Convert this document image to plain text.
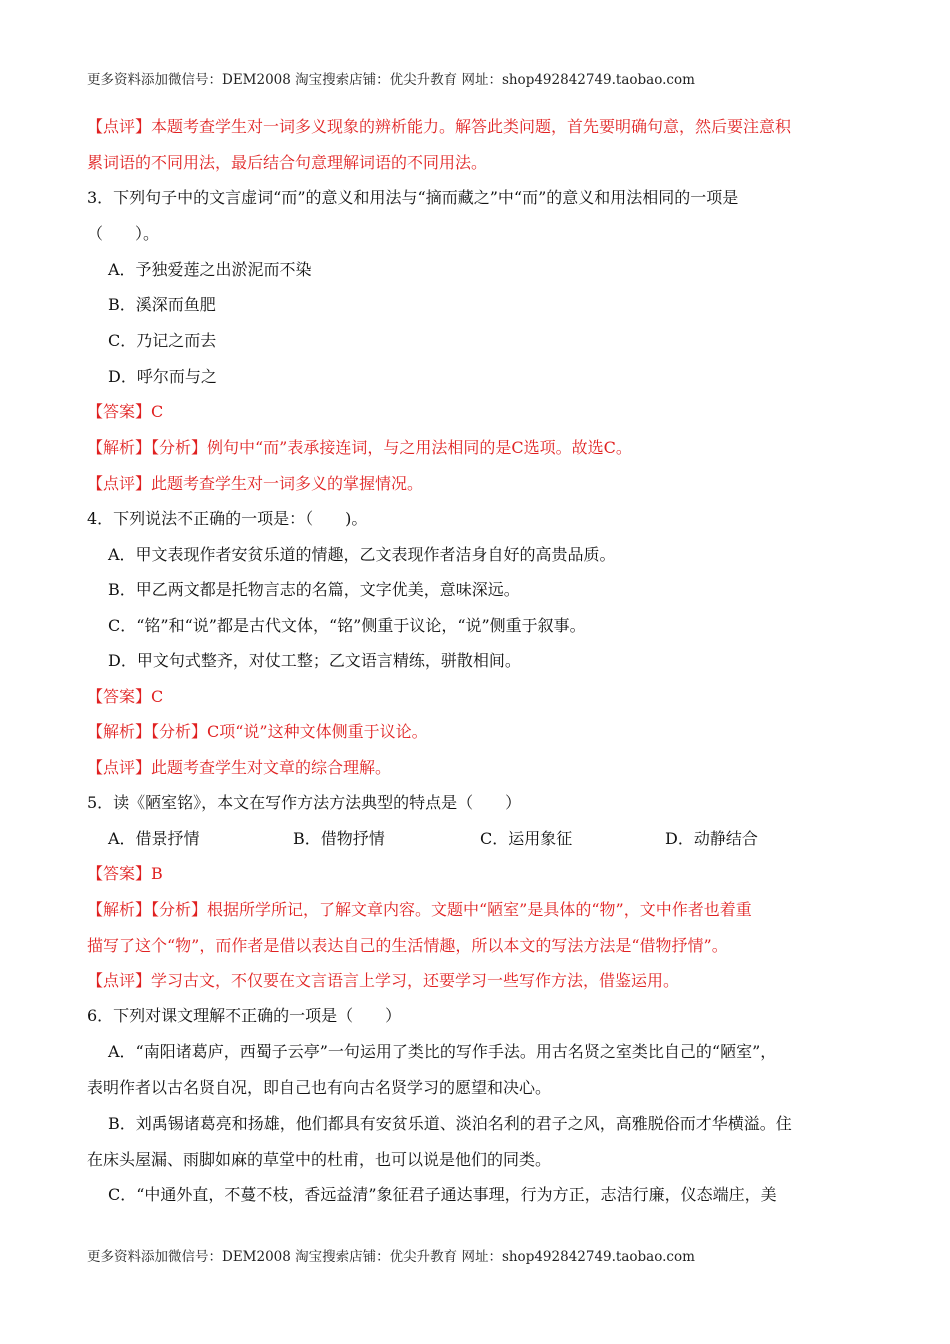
更多资料添加微信号：DEM2008 淘宝搜索店铺：优尖升教育 网址：shop492842749.taobao.com
【点评】本题考查学生对一词多义现象的辨析能力。解答此类问题，首先要明确句意，然后要注意积
累词语的不同用法，最后结合句意理解词语的不同用法。
3．下列句子中的文言虚词“而”的意义和用法与“摘而藏之”中“而”的意义和用法相同的一项是
（　　）。
A．予独爱莲之出淤泥而不染
B．溪深而鱼肥
C．乃记之而去
D．呼尔而与之
【答案】C
【解析】【分析】例句中“而”表承接连词，与之用法相同的是C选项。故选C。
【点评】此题考查学生对一词多义的掌握情况。
4．下列说法不正确的一项是：（　　)。
A．甲文表现作者安贫乐道的情趣，乙文表现作者洁身自好的高贵品质。
B．甲乙两文都是托物言志的名篇，文字优美，意味深远。
C．“铭”和“说”都是古代文体，“铭”侧重于议论，“说”侧重于叙事。
D．甲文句式整齐，对仗工整；乙文语言精练，骈散相间。
【答案】C
【解析】【分析】C项“说”这种文体侧重于议论。
【点评】此题考查学生对文章的综合理解。
5．读《陋室铭》，本文在写作方法方法典型的特点是（　　）
A．借景抒情	B．借物抒情	C．运用象征	D．动静结合
【答案】B
【解析】【分析】根据所学所记，了解文章内容。文题中“陋室”是具体的“物”，文中作者也着重
描写了这个“物”，而作者是借以表达自己的生活情趣，所以本文的写法方法是“借物抒情”。
【点评】学习古文，不仅要在文言语言上学习，还要学习一些写作方法，借鉴运用。
6．下列对课文理解不正确的一项是（　　）
A．“南阳诸葛庐，西蜀子云亭”一句运用了类比的写作手法。用古名贤之室类比自己的“陋室”，
表明作者以古名贤自况，即自己也有向古名贤学习的愿望和决心。
B．刘禹锡诸葛亮和扬雄，他们都具有安贫乐道、淡泊名利的君子之风，高雅脱俗而才华横溢。住
在床头屋漏、雨脚如麻的草堂中的杜甫，也可以说是他们的同类。
C．“中通外直，不蔓不枝，香远益清”象征君子通达事理，行为方正，志洁行廉，仪态端庄，美
更多资料添加微信号：DEM2008 淘宝搜索店铺：优尖升教育 网址：shop492842749.taobao.com
